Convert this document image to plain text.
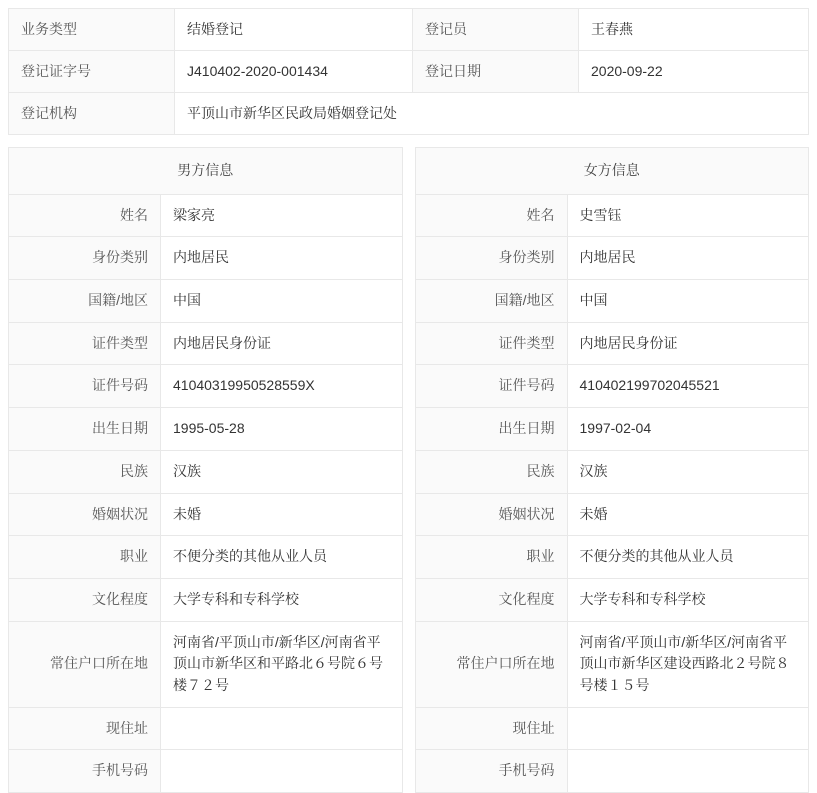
业务类型	结婚登记	登记员	王春燕
登记证字号	J410402-2020-001434	登记日期	2020-09-22
登记机构	平顶山市新华区民政局婚姻登记处		
男方信息	
姓名	梁家亮
身份类别	内地居民
国籍/地区	中国
证件类型	内地居民身份证
证件号码	41040319950528559X
出生日期	1995-05-28
民族	汉族
婚姻状况	未婚
职业	不便分类的其他从业人员
文化程度	大学专科和专科学校
常住户口所在地	河南省/平顶山市/新华区/河南省平顶山市新华区和平路北６号院６号楼７２号
现住址	
手机号码	
女方信息	
姓名	史雪钰
身份类别	内地居民
国籍/地区	中国
证件类型	内地居民身份证
证件号码	410402199702045521
出生日期	1997-02-04
民族	汉族
婚姻状况	未婚
职业	不便分类的其他从业人员
文化程度	大学专科和专科学校
常住户口所在地	河南省/平顶山市/新华区/河南省平顶山市新华区建设西路北２号院８号楼１５号
现住址	
手机号码	
